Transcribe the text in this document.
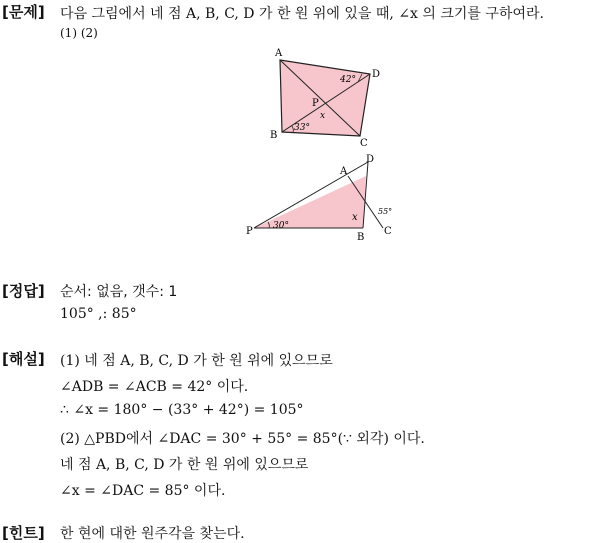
[문제] 다음 그림에서 네 점 A, B, C, D 가 한 원 위에 있을 때, ∠x 의 크기를 구하여라.
(1) (2)
A
D
B
C
P
42°
33°
x
A
D
P
B
C
30°
55°
x
[정답] 순서: 없음, 갯수: 1
105° ,: 85°
[해설] (1) 네 점 A, B, C, D 가 한 원 위에 있으므로
∠ADB = ∠ACB = 42° 이다.
∴ ∠x = 180° − (33° + 42°) = 105°
(2) △PBD에서 ∠DAC = 30° + 55° = 85°(∵ 외각) 이다.
네 점 A, B, C, D 가 한 원 위에 있으므로
∠x = ∠DAC = 85° 이다.
[힌트] 한 현에 대한 원주각을 찾는다.
